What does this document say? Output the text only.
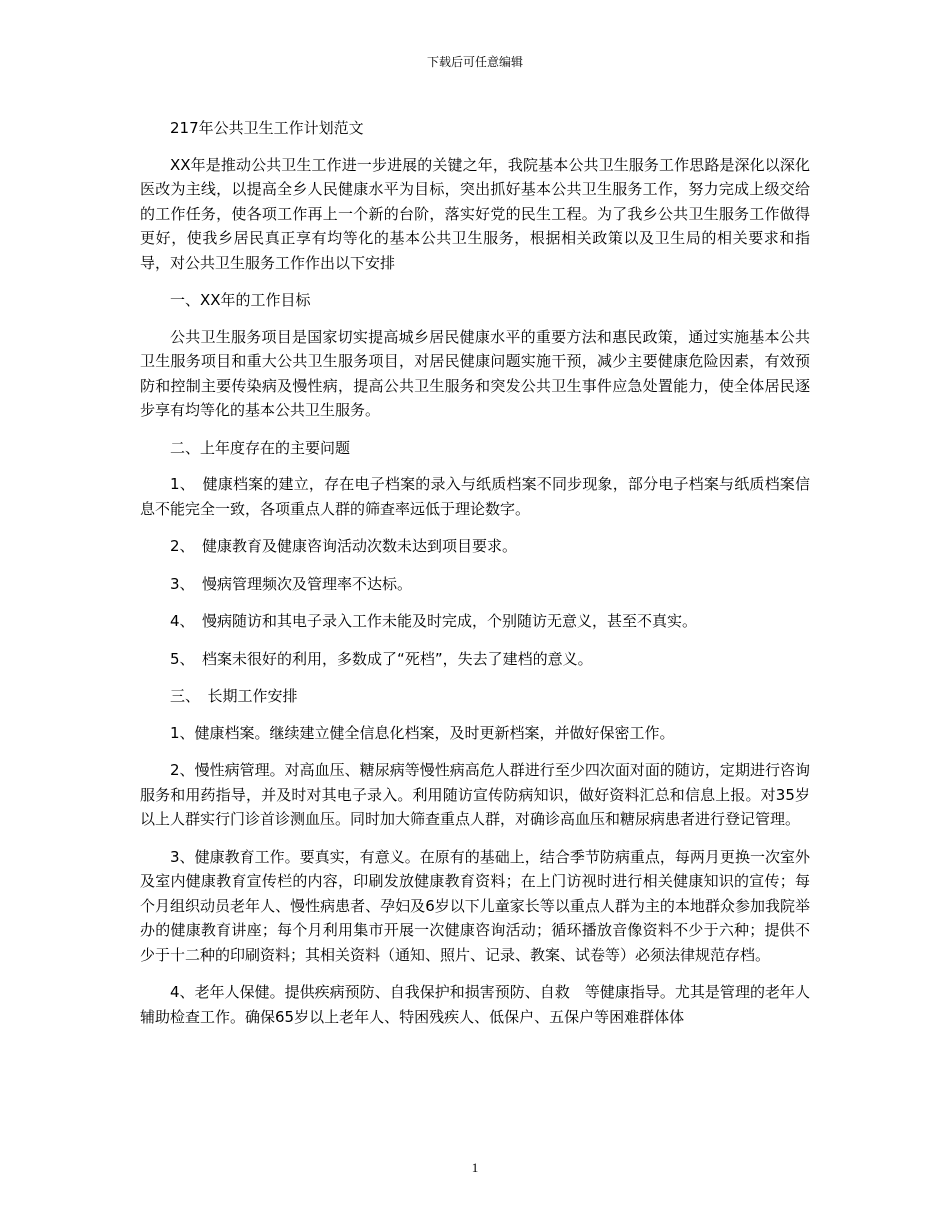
下载后可任意编辑

217年公共卫生工作计划范文

XX年是推动公共卫生工作进一步进展的关键之年，我院基本公共卫生服务工作思路是深化以深化医改为主线，以提高全乡人民健康水平为目标，突出抓好基本公共卫生服务工作，努力完成上级交给的工作任务，使各项工作再上一个新的台阶，落实好党的民生工程。为了我乡公共卫生服务工作做得更好，使我乡居民真正享有均等化的基本公共卫生服务，根据相关政策以及卫生局的相关要求和指导，对公共卫生服务工作作出以下安排

一、XX年的工作目标

公共卫生服务项目是国家切实提高城乡居民健康水平的重要方法和惠民政策，通过实施基本公共卫生服务项目和重大公共卫生服务项目，对居民健康问题实施干预，减少主要健康危险因素，有效预防和控制主要传染病及慢性病，提高公共卫生服务和突发公共卫生事件应急处置能力，使全体居民逐步享有均等化的基本公共卫生服务。

二、上年度存在的主要问题

1、　健康档案的建立，存在电子档案的录入与纸质档案不同步现象，部分电子档案与纸质档案信息不能完全一致，各项重点人群的筛查率远低于理论数字。

2、　健康教育及健康咨询活动次数未达到项目要求。

3、　慢病管理频次及管理率不达标。

4、　慢病随访和其电子录入工作未能及时完成，个别随访无意义，甚至不真实。

5、　档案未很好的利用，多数成了“死档”，失去了建档的意义。

三、　长期工作安排

1、健康档案。继续建立健全信息化档案，及时更新档案，并做好保密工作。

2、慢性病管理。对高血压、糖尿病等慢性病高危人群进行至少四次面对面的随访，定期进行咨询服务和用药指导，并及时对其电子录入。利用随访宣传防病知识，做好资料汇总和信息上报。对35岁以上人群实行门诊首诊测血压。同时加大筛查重点人群，对确诊高血压和糖尿病患者进行登记管理。

3、健康教育工作。要真实，有意义。在原有的基础上，结合季节防病重点，每两月更换一次室外及室内健康教育宣传栏的内容，印刷发放健康教育资料；在上门访视时进行相关健康知识的宣传；每个月组织动员老年人、慢性病患者、孕妇及6岁以下儿童家长等以重点人群为主的本地群众参加我院举办的健康教育讲座；每个月利用集市开展一次健康咨询活动；循环播放音像资料不少于六种；提供不少于十二种的印刷资料；其相关资料（通知、照片、记录、教案、试卷等）必须法律规范存档。

4、老年人保健。提供疾病预防、自我保护和损害预防、自救　等健康指导。尤其是管理的老年人辅助检查工作。确保65岁以上老年人、特困残疾人、低保户、五保户等困难群体体

1
